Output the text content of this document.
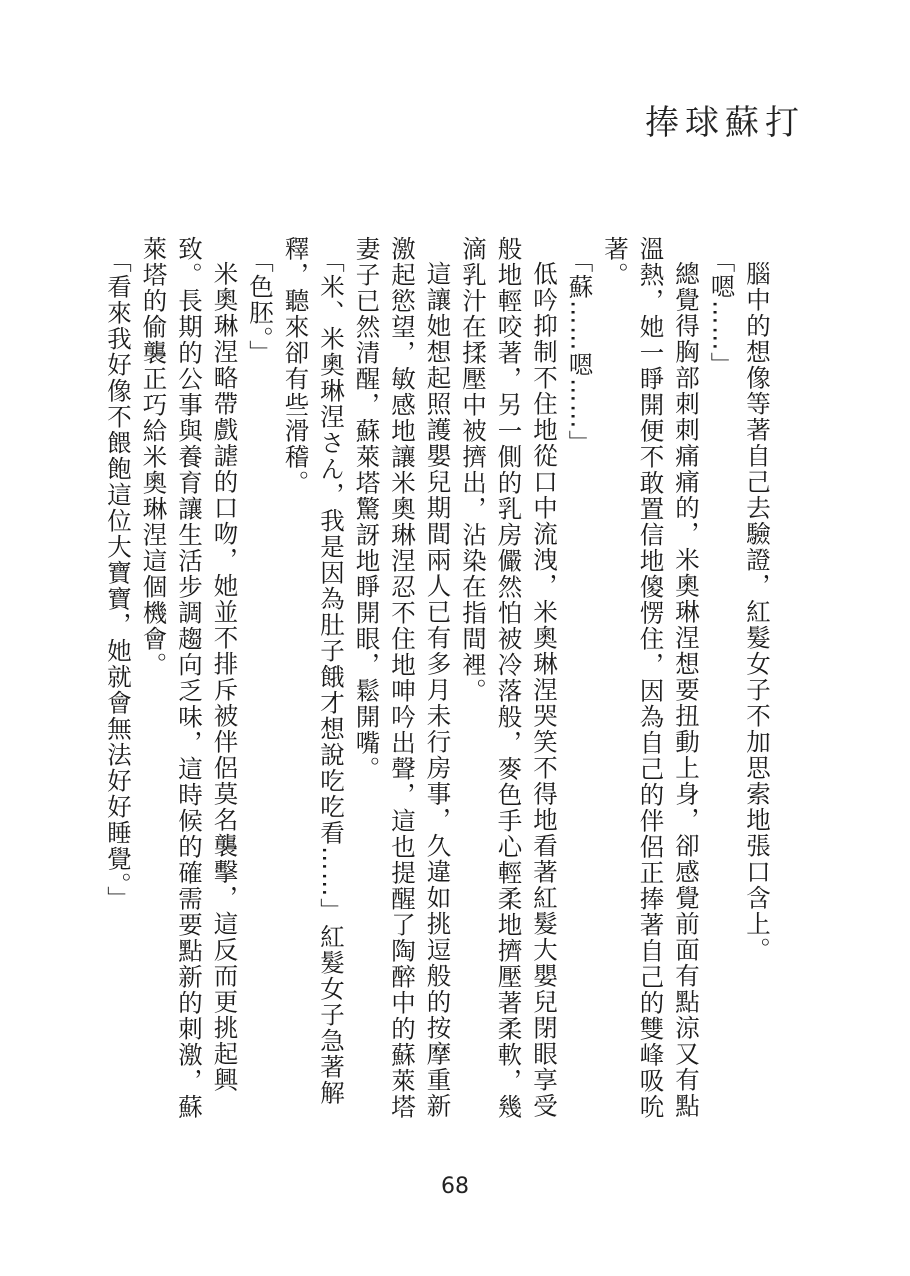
捧球蘇打

腦中的想像等著自己去驗證，紅髮女子不加思索地張口含上。

「嗯……」

總覺得胸部刺刺痛痛的，米奧琳涅想要扭動上身，卻感覺前面有點涼又有點溫熱，她一睜開便不敢置信地傻愣住，因為自己的伴侶正捧著自己的雙峰吸吮著。

「蘇……嗯……」

低吟抑制不住地從口中流洩，米奧琳涅哭笑不得地看著紅髮大嬰兒閉眼享受般地輕咬著，另一側的乳房儼然怕被冷落般，麥色手心輕柔地擠壓著柔軟，幾滴乳汁在揉壓中被擠出，沾染在指間裡。

這讓她想起照護嬰兒期間兩人已有多月未行房事，久違如挑逗般的按摩重新激起慾望，敏感地讓米奧琳涅忍不住地呻吟出聲，這也提醒了陶醉中的蘇萊塔妻子已然清醒，蘇萊塔驚訝地睜開眼，鬆開嘴。

「米、米奧琳涅さん，我是因為肚子餓才想說吃吃看……」紅髮女子急著解釋，聽來卻有些滑稽。

「色胚。」

米奧琳涅略帶戲謔的口吻，她並不排斥被伴侶莫名襲擊，這反而更挑起興致。長期的公事與養育讓生活步調趨向乏味，這時候的確需要點新的刺激，蘇萊塔的偷襲正巧給米奧琳涅這個機會。

「看來我好像不餵飽這位大寶寶，她就會無法好好睡覺。」

68
